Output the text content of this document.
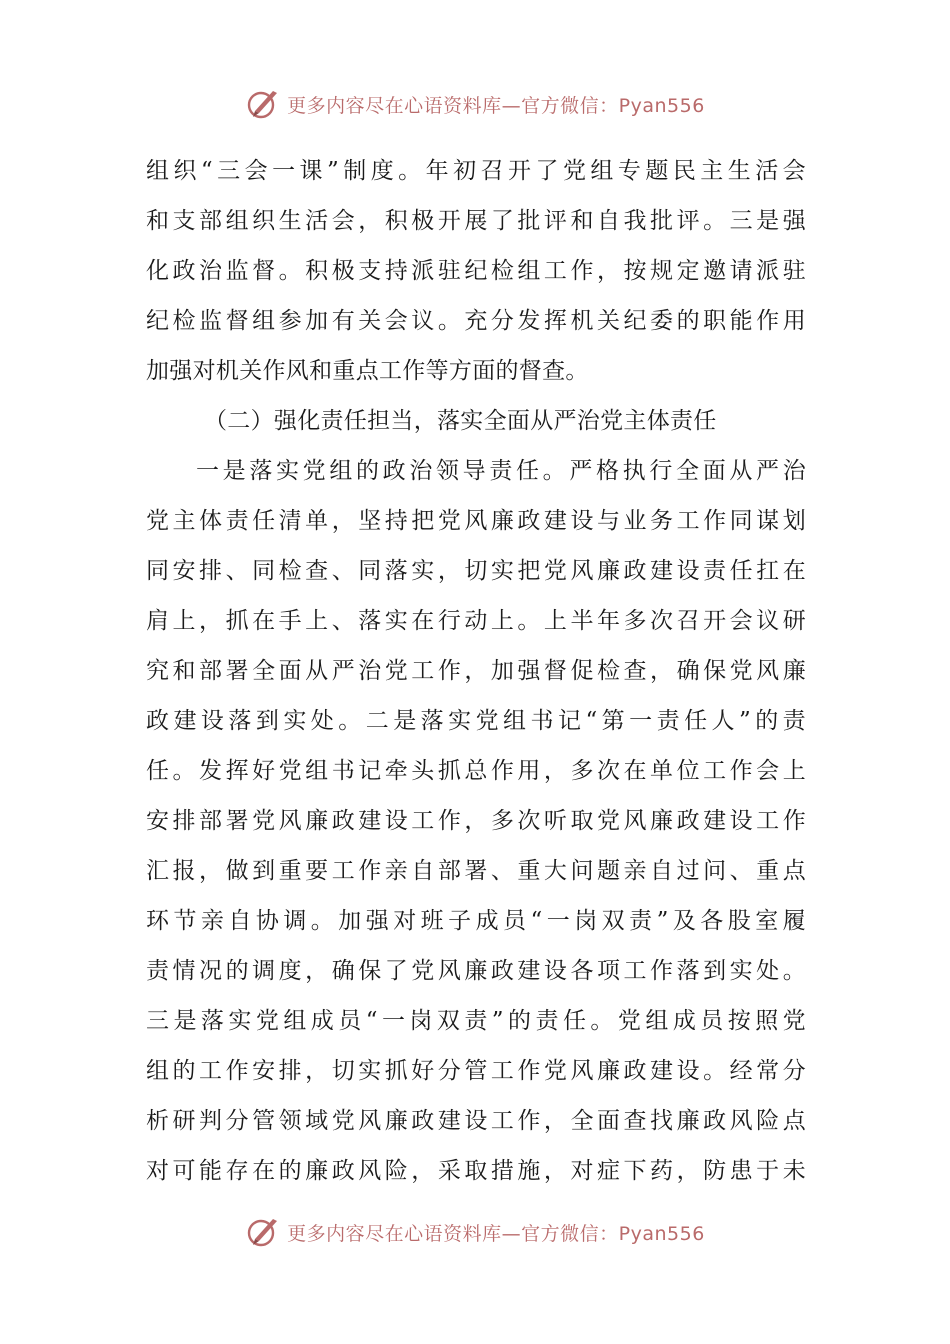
更多内容尽在心语资料库—官方微信：Pyan556
组织“三会一课”制度。年初召开了党组专题民主生活会
和支部组织生活会，积极开展了批评和自我批评。三是强
化政治监督。积极支持派驻纪检组工作，按规定邀请派驻
纪检监督组参加有关会议。充分发挥机关纪委的职能作用
加强对机关作风和重点工作等方面的督查。
（二）强化责任担当，落实全面从严治党主体责任
一是落实党组的政治领导责任。严格执行全面从严治
党主体责任清单，坚持把党风廉政建设与业务工作同谋划
同安排、同检查、同落实，切实把党风廉政建设责任扛在
肩上，抓在手上、落实在行动上。上半年多次召开会议研
究和部署全面从严治党工作，加强督促检查，确保党风廉
政建设落到实处。二是落实党组书记“第一责任人”的责
任。发挥好党组书记牵头抓总作用，多次在单位工作会上
安排部署党风廉政建设工作，多次听取党风廉政建设工作
汇报，做到重要工作亲自部署、重大问题亲自过问、重点
环节亲自协调。加强对班子成员“一岗双责”及各股室履
责情况的调度，确保了党风廉政建设各项工作落到实处。
三是落实党组成员“一岗双责”的责任。党组成员按照党
组的工作安排，切实抓好分管工作党风廉政建设。经常分
析研判分管领域党风廉政建设工作，全面查找廉政风险点
对可能存在的廉政风险，采取措施，对症下药，防患于未
更多内容尽在心语资料库—官方微信：Pyan556
